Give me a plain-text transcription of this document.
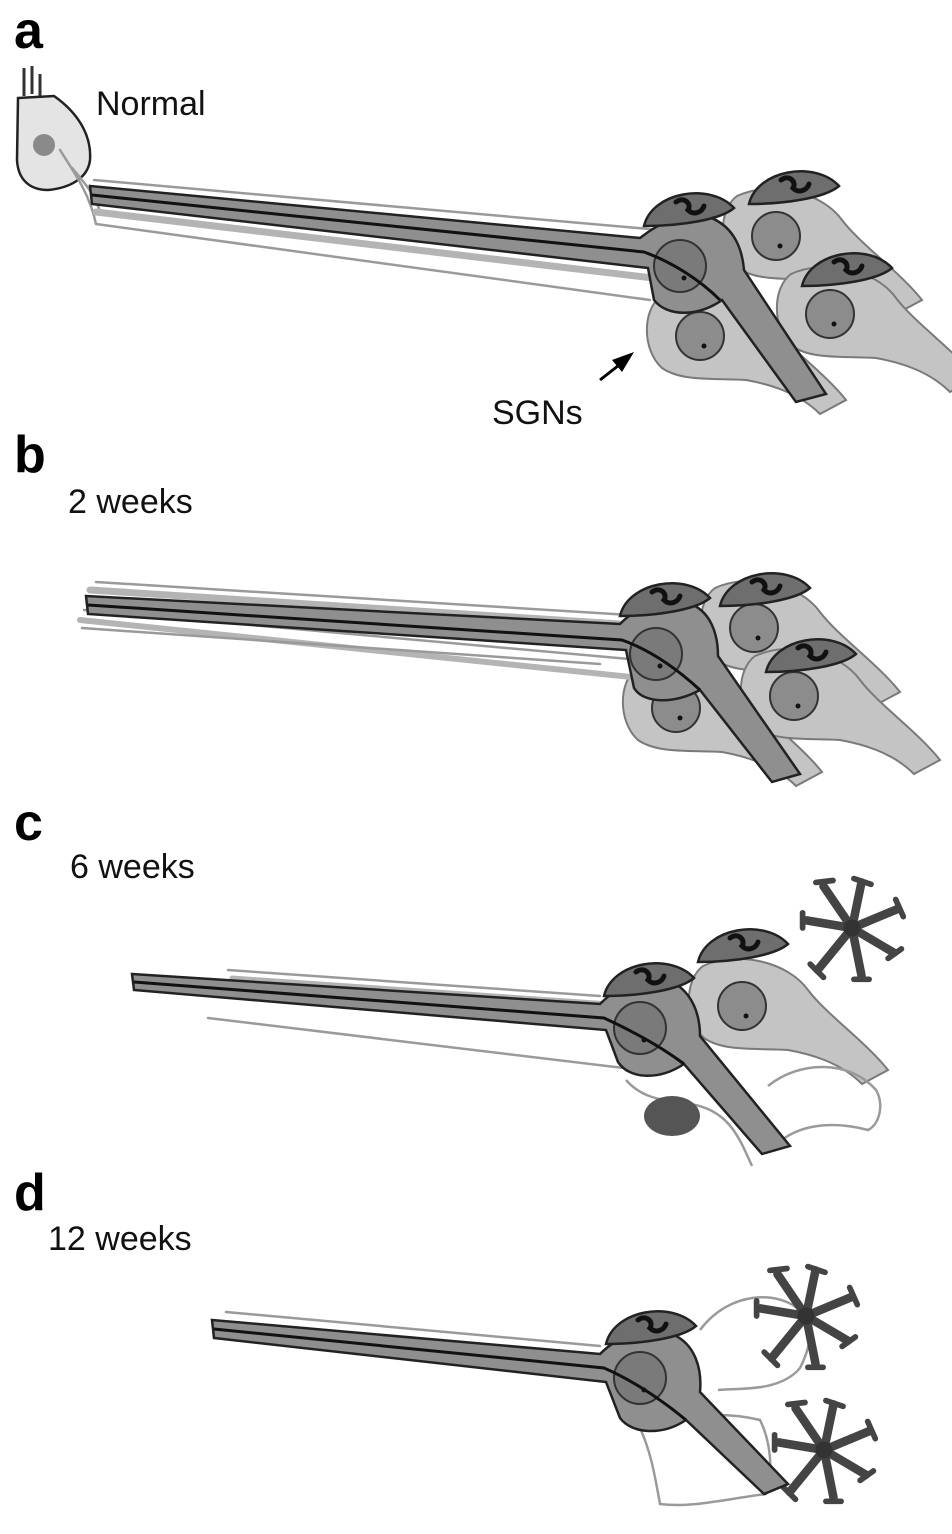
a
Normal
SGNs
b
2 weeks
c
6 weeks
d
12 weeks
